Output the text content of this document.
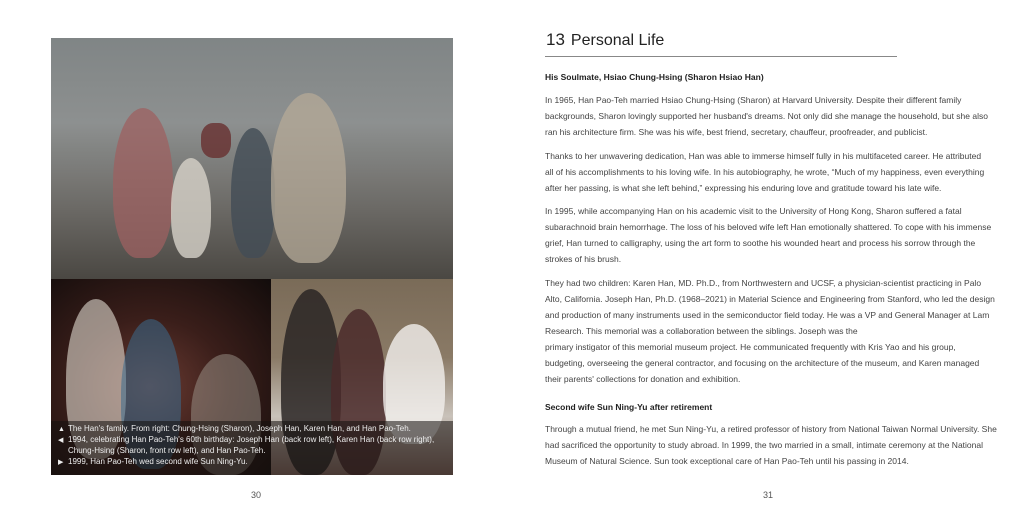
▲ The Han's family. From right: Chung-Hsing (Sharon), Joseph Han, Karen Han, and Han Pao-Teh.
◀ 1994, celebrating Han Pao-Teh's 60th birthday: Joseph Han (back row left), Karen Han (back row right),
Chung-Hsing (Sharon, front row left), and Han Pao-Teh.
▶ 1999, Han Pao-Teh wed second wife Sun Ning-Yu.
30
13 Personal Life
His Soulmate, Hsiao Chung-Hsing (Sharon Hsiao Han)
In 1965, Han Pao-Teh married Hsiao Chung-Hsing (Sharon) at Harvard University. Despite their different family
backgrounds, Sharon lovingly supported her husband's dreams. Not only did she manage the household, but she also
ran his architecture firm. She was his wife, best friend, secretary, chauffeur, proofreader, and publicist.
Thanks to her unwavering dedication, Han was able to immerse himself fully in his multifaceted career. He attributed
all of his accomplishments to his loving wife. In his autobiography, he wrote, “Much of my happiness, even everything
after her passing, is what she left behind,” expressing his enduring love and gratitude toward his late wife.
In 1995, while accompanying Han on his academic visit to the University of Hong Kong, Sharon suffered a fatal
subarachnoid brain hemorrhage. The loss of his beloved wife left Han emotionally shattered. To cope with his immense
grief, Han turned to calligraphy, using the art form to soothe his wounded heart and process his sorrow through the
strokes of his brush.
They had two children: Karen Han, MD. Ph.D., from Northwestern and UCSF, a physician-scientist practicing in Palo
Alto, California. Joseph Han, Ph.D. (1968–2021) in Material Science and Engineering from Stanford, who led the design
and production of many instruments used in the semiconductor field today. He was a VP and General Manager at Lam
Research. This memorial was a collaboration between the siblings. Joseph was the
primary instigator of this memorial museum project. He communicated frequently with Kris Yao and his group,
budgeting, overseeing the general contractor, and focusing on the architecture of the museum, and Karen managed
their parents' collections for donation and exhibition.
Second wife Sun Ning-Yu after retirement
Through a mutual friend, he met Sun Ning-Yu, a retired professor of history from National Taiwan Normal University. She
had sacrificed the opportunity to study abroad. In 1999, the two married in a small, intimate ceremony at the National
Museum of Natural Science. Sun took exceptional care of Han Pao-Teh until his passing in 2014.
31
